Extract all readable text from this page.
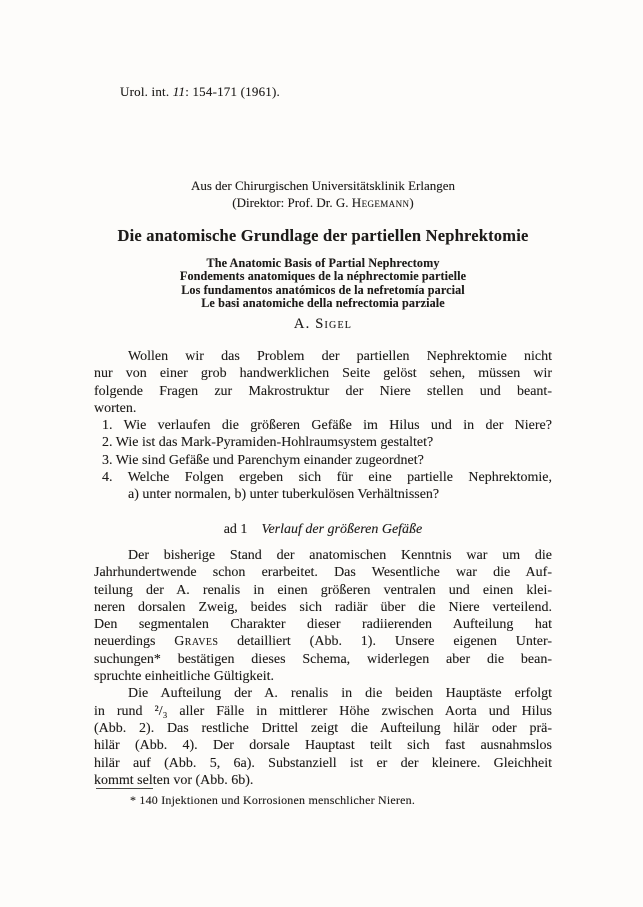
Urol. int. 11: 154-171 (1961).
Aus der Chirurgischen Universitätsklinik Erlangen
(Direktor: Prof. Dr. G. Hegemann)
Die anatomische Grundlage der partiellen Nephrektomie
The Anatomic Basis of Partial Nephrectomy
Fondements anatomiques de la néphrectomie partielle
Los fundamentos anatómicos de la nefretomía parcial
Le basi anatomiche della nefrectomia parziale
A. Sigel
Wollen wir das Problem der partiellen Nephrektomie nicht
nur von einer grob handwerklichen Seite gelöst sehen, müssen wir
folgende Fragen zur Makrostruktur der Niere stellen und beant-
worten.
1. Wie verlaufen die größeren Gefäße im Hilus und in der Niere?
2. Wie ist das Mark-Pyramiden-Hohlraumsystem gestaltet?
3. Wie sind Gefäße und Parenchym einander zugeordnet?
4. Welche Folgen ergeben sich für eine partielle Nephrektomie,
a) unter normalen, b) unter tuberkulösen Verhältnissen?
ad 1  Verlauf der größeren Gefäße
Der bisherige Stand der anatomischen Kenntnis war um die
Jahrhundertwende schon erarbeitet. Das Wesentliche war die Auf-
teilung der A. renalis in einen größeren ventralen und einen klei-
neren dorsalen Zweig, beides sich radiär über die Niere verteilend.
Den segmentalen Charakter dieser radiierenden Aufteilung hat
neuerdings Graves detailliert (Abb. 1). Unsere eigenen Unter-
suchungen* bestätigen dieses Schema, widerlegen aber die bean-
spruchte einheitliche Gültigkeit.
Die Aufteilung der A. renalis in die beiden Hauptäste erfolgt
in rund ²/₃ aller Fälle in mittlerer Höhe zwischen Aorta und Hilus
(Abb. 2). Das restliche Drittel zeigt die Aufteilung hilär oder prä-
hilär (Abb. 4). Der dorsale Hauptast teilt sich fast ausnahmslos
hilär auf (Abb. 5, 6a). Substanziell ist er der kleinere. Gleichheit
kommt selten vor (Abb. 6b).
* 140 Injektionen und Korrosionen menschlicher Nieren.
